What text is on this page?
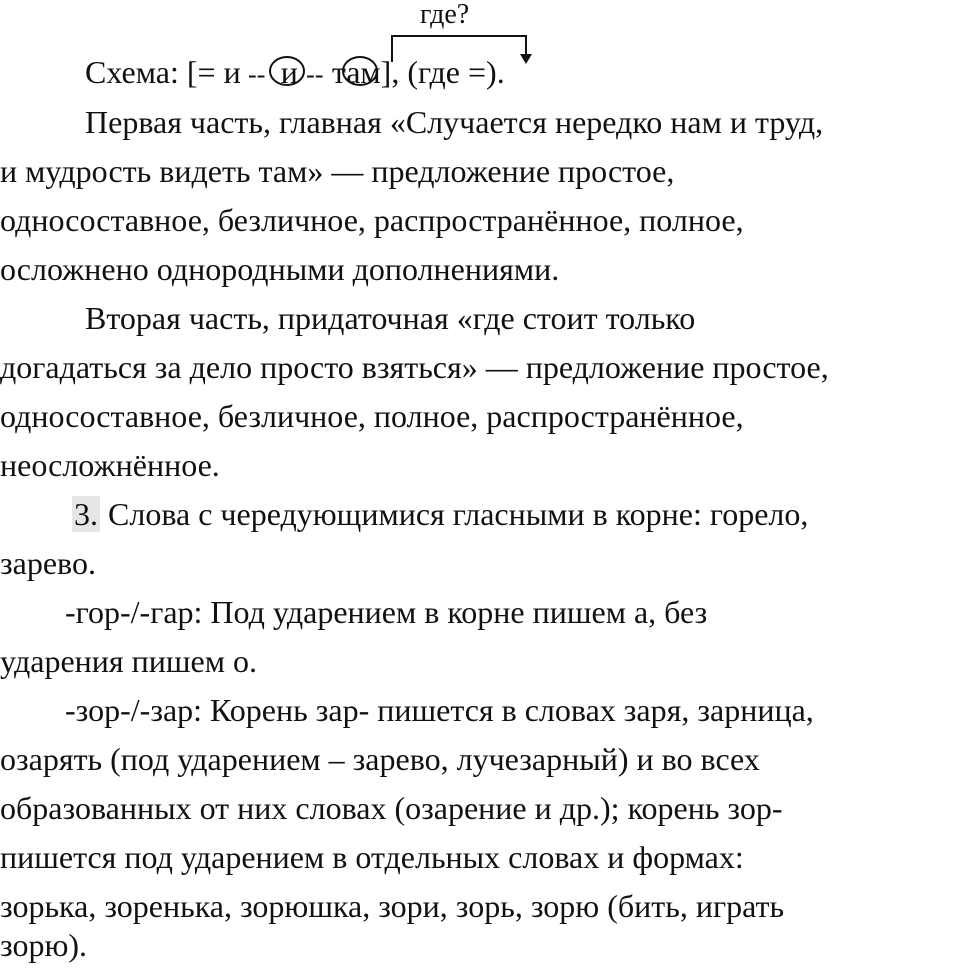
где?
Схема: [= и -- и -- там], (где =).
Первая часть, главная «Случается нередко нам и труд,
и мудрость видеть там» — предложение простое,
односоставное, безличное, распространённое, полное,
осложнено однородными дополнениями.
Вторая часть, придаточная «где стоит только
догадаться за дело просто взяться» — предложение простое,
односоставное, безличное, полное, распространённое,
неосложнённое.
3. Слова с чередующимися гласными в корне: горело,
зарево.
-гор-/-гар: Под ударением в корне пишем а, без
ударения пишем о.
-зор-/-зар: Корень зар- пишется в словах заря, зарница,
озарять (под ударением – зарево, лучезарный) и во всех
образованных от них словах (озарение и др.); корень зор-
пишется под ударением в отдельных словах и формах:
зорька, зоренька, зорюшка, зори, зорь, зорю (бить, играть
зорю).
